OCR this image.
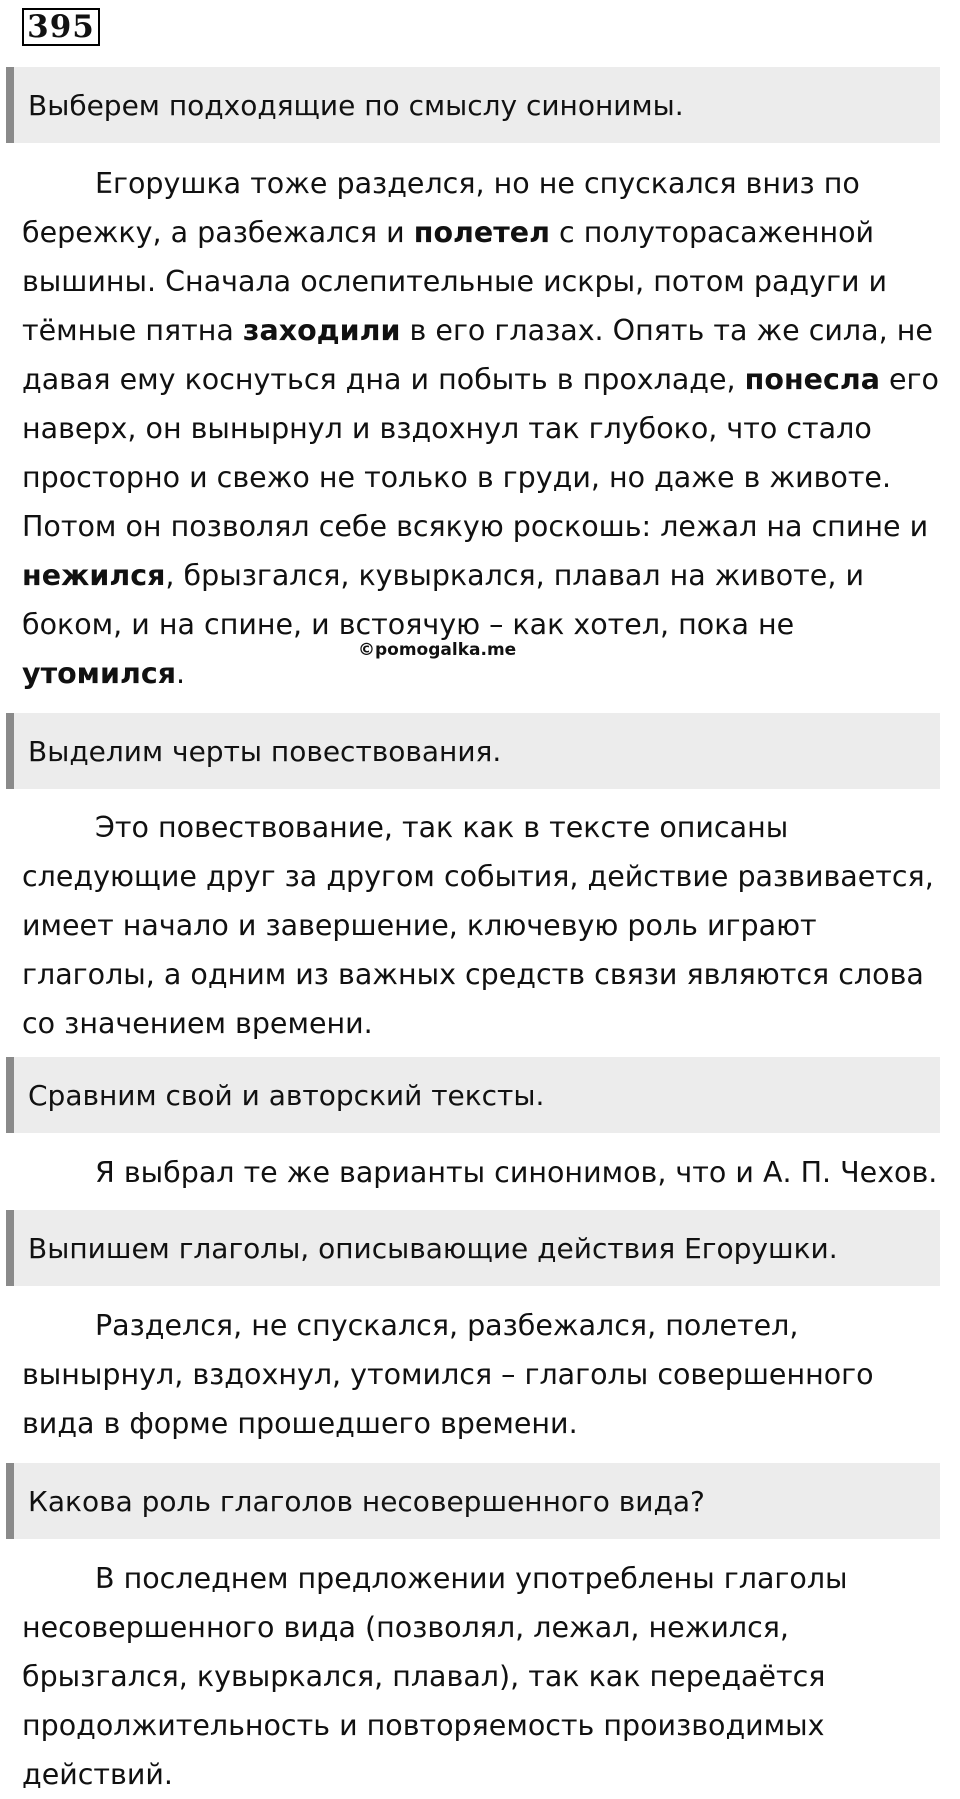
395
Выберем подходящие по смыслу синонимы.
Егорушка тоже разделся, но не спускался вниз по
бережку, а разбежался и полетел с полуторасаженной
вышины. Сначала ослепительные искры, потом радуги и
тёмные пятна заходили в его глазах. Опять та же сила, не
давая ему коснуться дна и побыть в прохладе, понесла его
наверх, он вынырнул и вздохнул так глубоко, что стало
просторно и свежо не только в груди, но даже в животе.
Потом он позволял себе всякую роскошь: лежал на спине и
нежился, брызгался, кувыркался, плавал на животе, и
боком, и на спине, и встоячую – как хотел, пока не
утомился.
©pomogalka.me
Выделим черты повествования.
Это повествование, так как в тексте описаны
следующие друг за другом события, действие развивается,
имеет начало и завершение, ключевую роль играют
глаголы, а одним из важных средств связи являются слова
со значением времени.
Сравним свой и авторский тексты.
Я выбрал те же варианты синонимов, что и А. П. Чехов.
Выпишем глаголы, описывающие действия Егорушки.
Разделся, не спускался, разбежался, полетел,
вынырнул, вздохнул, утомился – глаголы совершенного
вида в форме прошедшего времени.
Какова роль глаголов несовершенного вида?
В последнем предложении употреблены глаголы
несовершенного вида (позволял, лежал, нежился,
брызгался, кувыркался, плавал), так как передаётся
продолжительность и повторяемость производимых
действий.
